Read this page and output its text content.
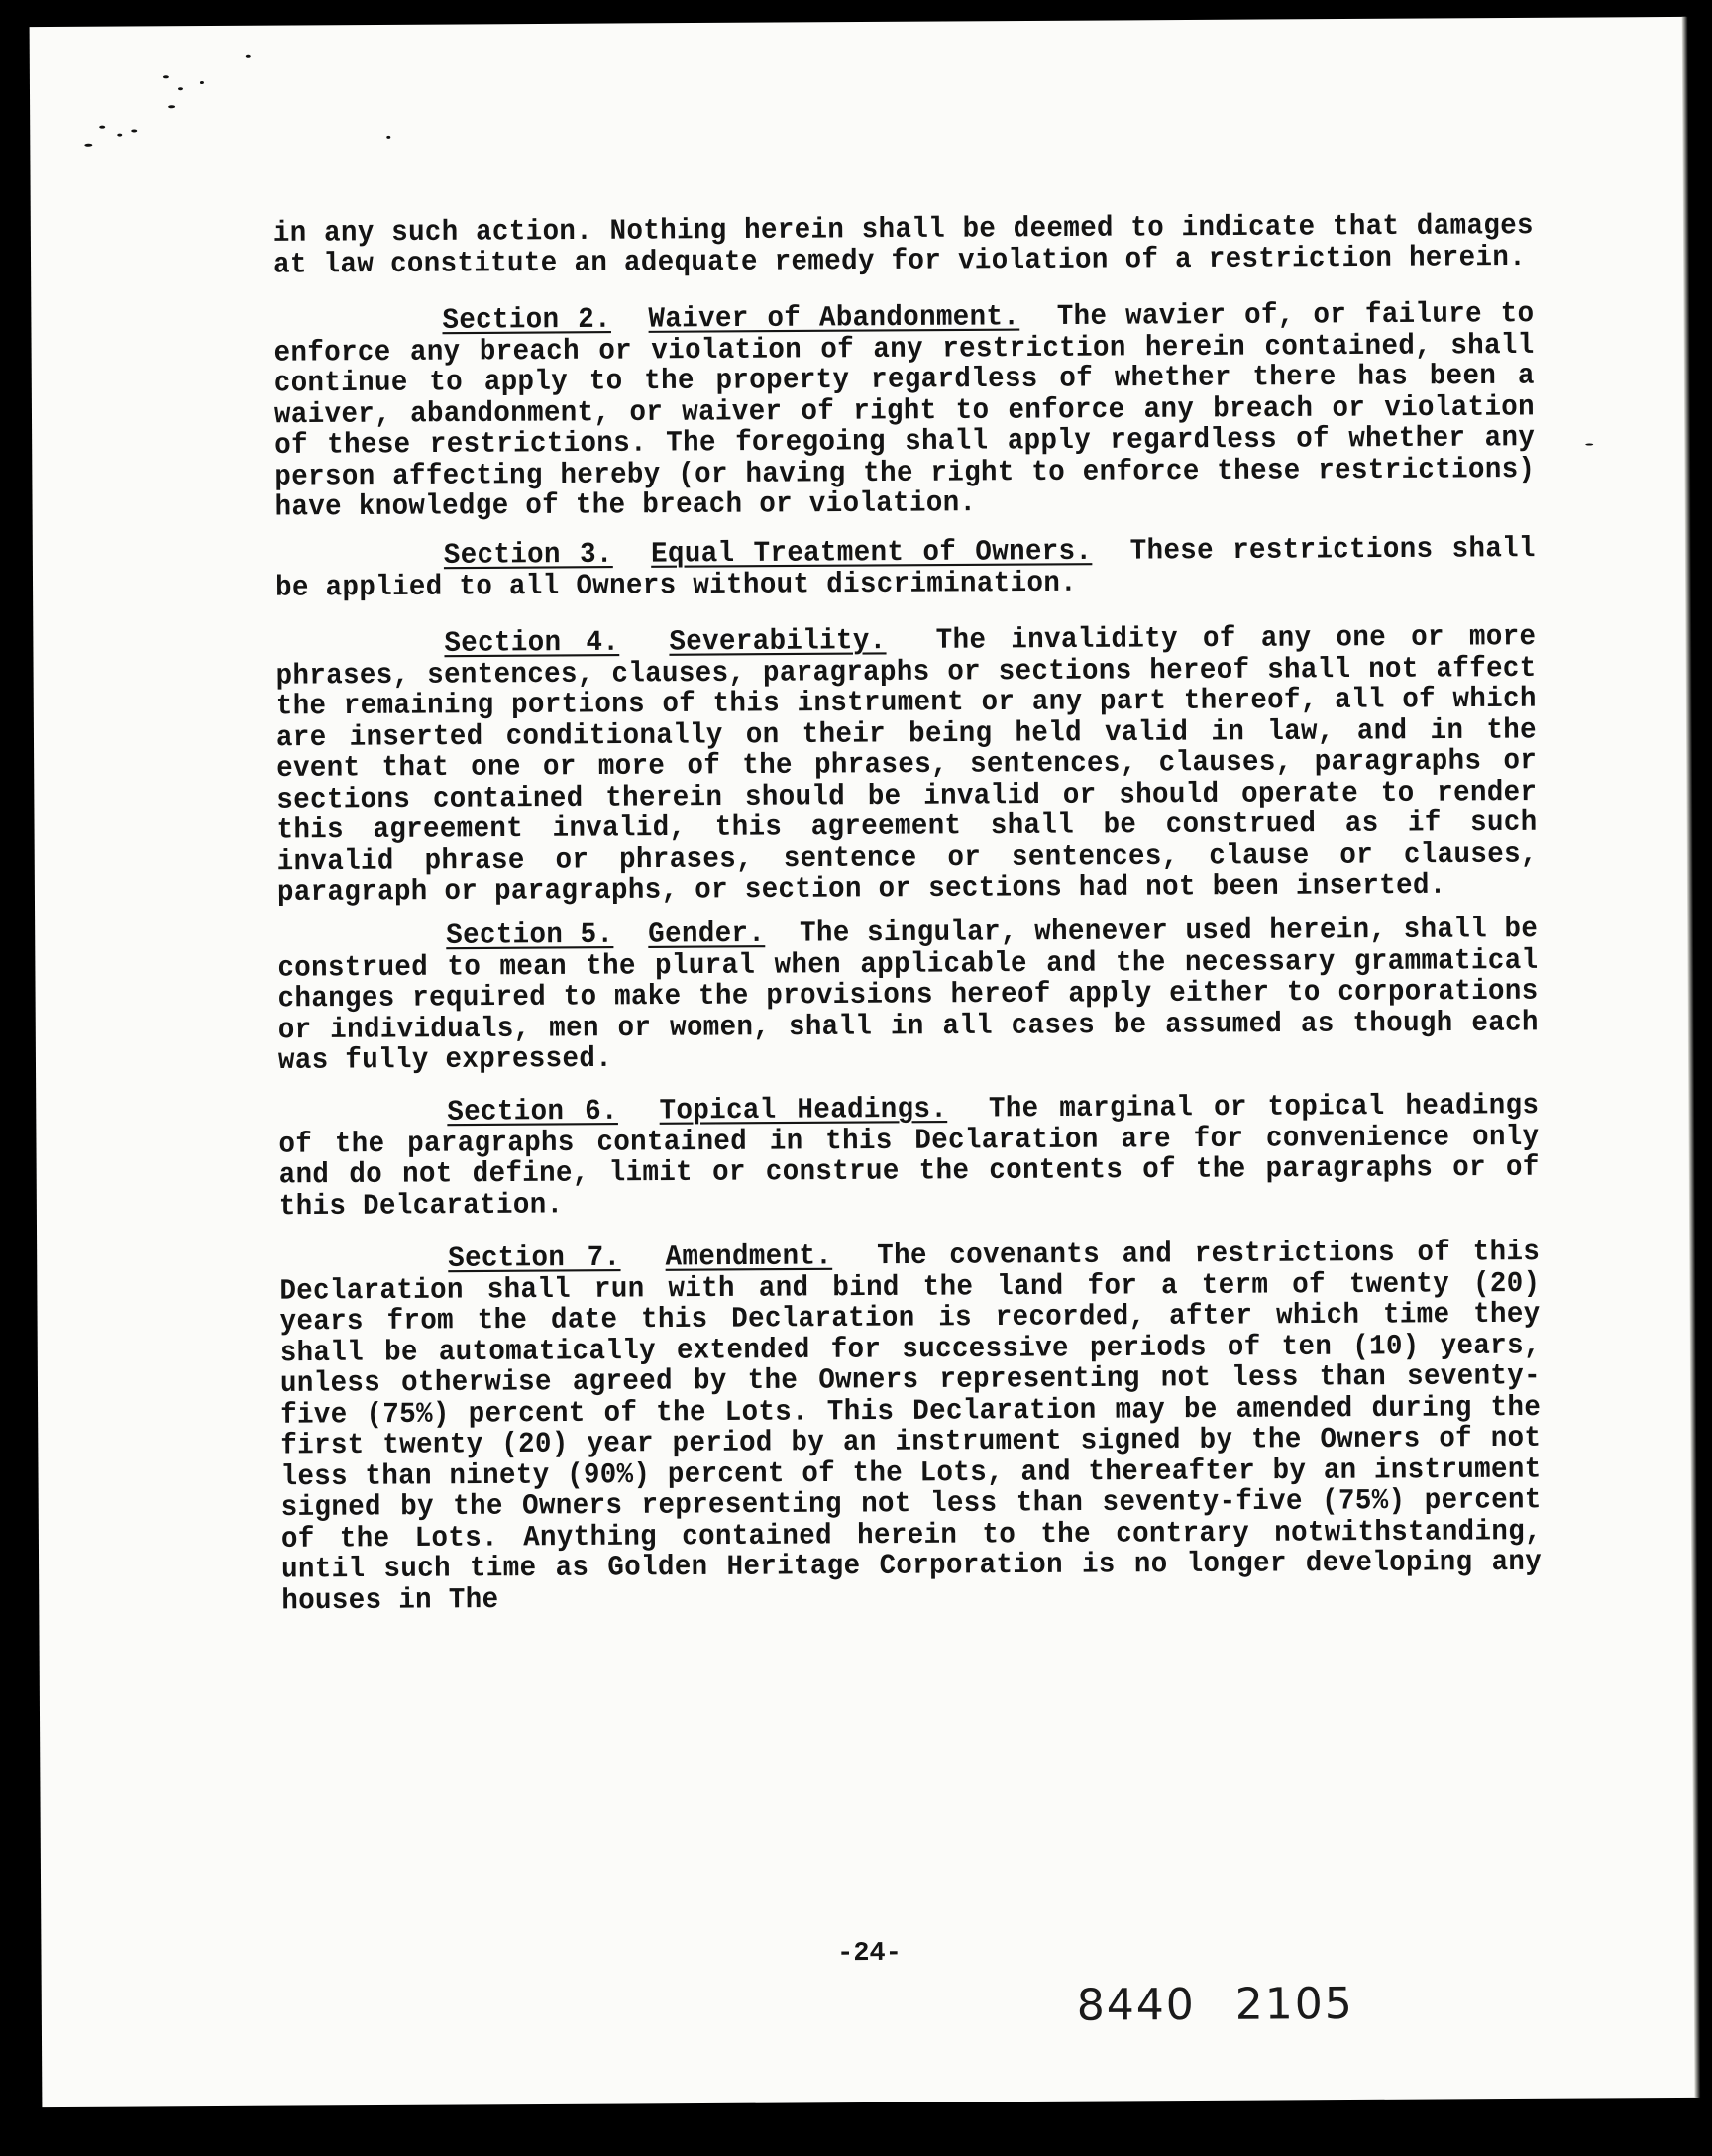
in any such action. Nothing herein shall be deemed to indicate that damages at law constitute an adequate remedy for violation of a restriction herein.

Section 2. Waiver of Abandonment. The wavier of, or failure to enforce any breach or violation of any restriction herein contained, shall continue to apply to the property regardless of whether there has been a waiver, abandonment, or waiver of right to enforce any breach or violation of these restrictions. The foregoing shall apply regardless of whether any person affecting hereby (or having the right to enforce these restrictions) have knowledge of the breach or violation.

Section 3. Equal Treatment of Owners. These restrictions shall be applied to all Owners without discrimination.

Section 4. Severability. The invalidity of any one or more phrases, sentences, clauses, paragraphs or sections hereof shall not affect the remaining portions of this instrument or any part thereof, all of which are inserted conditionally on their being held valid in law, and in the event that one or more of the phrases, sentences, clauses, paragraphs or sections contained therein should be invalid or should operate to render this agreement invalid, this agreement shall be construed as if such invalid phrase or phrases, sentence or sentences, clause or clauses, paragraph or paragraphs, or section or sections had not been inserted.

Section 5. Gender. The singular, whenever used herein, shall be construed to mean the plural when applicable and the necessary grammatical changes required to make the provisions hereof apply either to corporations or individuals, men or women, shall in all cases be assumed as though each was fully expressed.

Section 6. Topical Headings. The marginal or topical headings of the paragraphs contained in this Declaration are for convenience only and do not define, limit or construe the contents of the paragraphs or of this Delcaration.

Section 7. Amendment. The covenants and restrictions of this Declaration shall run with and bind the land for a term of twenty (20) years from the date this Declaration is recorded, after which time they shall be automatically extended for successive periods of ten (10) years, unless otherwise agreed by the Owners representing not less than seventy-five (75%) percent of the Lots. This Declaration may be amended during the first twenty (20) year period by an instrument signed by the Owners of not less than ninety (90%) percent of the Lots, and thereafter by an instrument signed by the Owners representing not less than seventy-five (75%) percent of the Lots. Anything contained herein to the contrary notwithstanding, until such time as Golden Heritage Corporation is no longer developing any houses in The

-24-
8440 2105
